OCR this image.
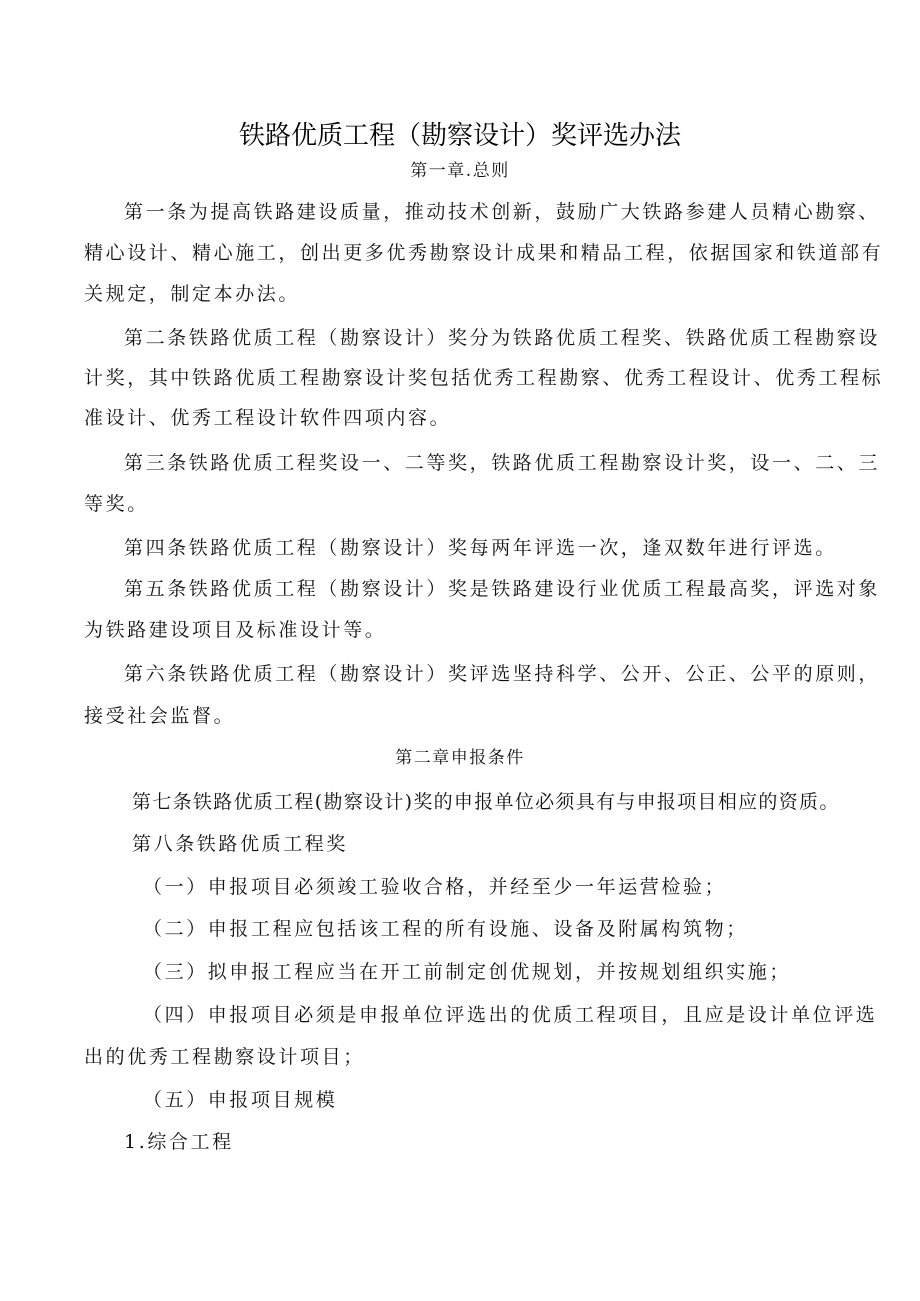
铁路优质工程（勘察设计）奖评选办法
第一章.总则
第一条为提高铁路建设质量，推动技术创新，鼓励广大铁路参建人员精心勘察、
精心设计、精心施工，创出更多优秀勘察设计成果和精品工程，依据国家和铁道部有
关规定，制定本办法。
第二条铁路优质工程（勘察设计）奖分为铁路优质工程奖、铁路优质工程勘察设
计奖，其中铁路优质工程勘察设计奖包括优秀工程勘察、优秀工程设计、优秀工程标
准设计、优秀工程设计软件四项内容。
第三条铁路优质工程奖设一、二等奖，铁路优质工程勘察设计奖，设一、二、三
等奖。
第四条铁路优质工程（勘察设计）奖每两年评选一次，逢双数年进行评选。
第五条铁路优质工程（勘察设计）奖是铁路建设行业优质工程最高奖，评选对象
为铁路建设项目及标准设计等。
第六条铁路优质工程（勘察设计）奖评选坚持科学、公开、公正、公平的原则，
接受社会监督。
第二章申报条件
第七条铁路优质工程(勘察设计)奖的申报单位必须具有与申报项目相应的资质。
第八条铁路优质工程奖
（一）申报项目必须竣工验收合格，并经至少一年运营检验；
（二）申报工程应包括该工程的所有设施、设备及附属构筑物；
（三）拟申报工程应当在开工前制定创优规划，并按规划组织实施；
（四）申报项目必须是申报单位评选出的优质工程项目，且应是设计单位评选
出的优秀工程勘察设计项目；
（五）申报项目规模
1.综合工程
